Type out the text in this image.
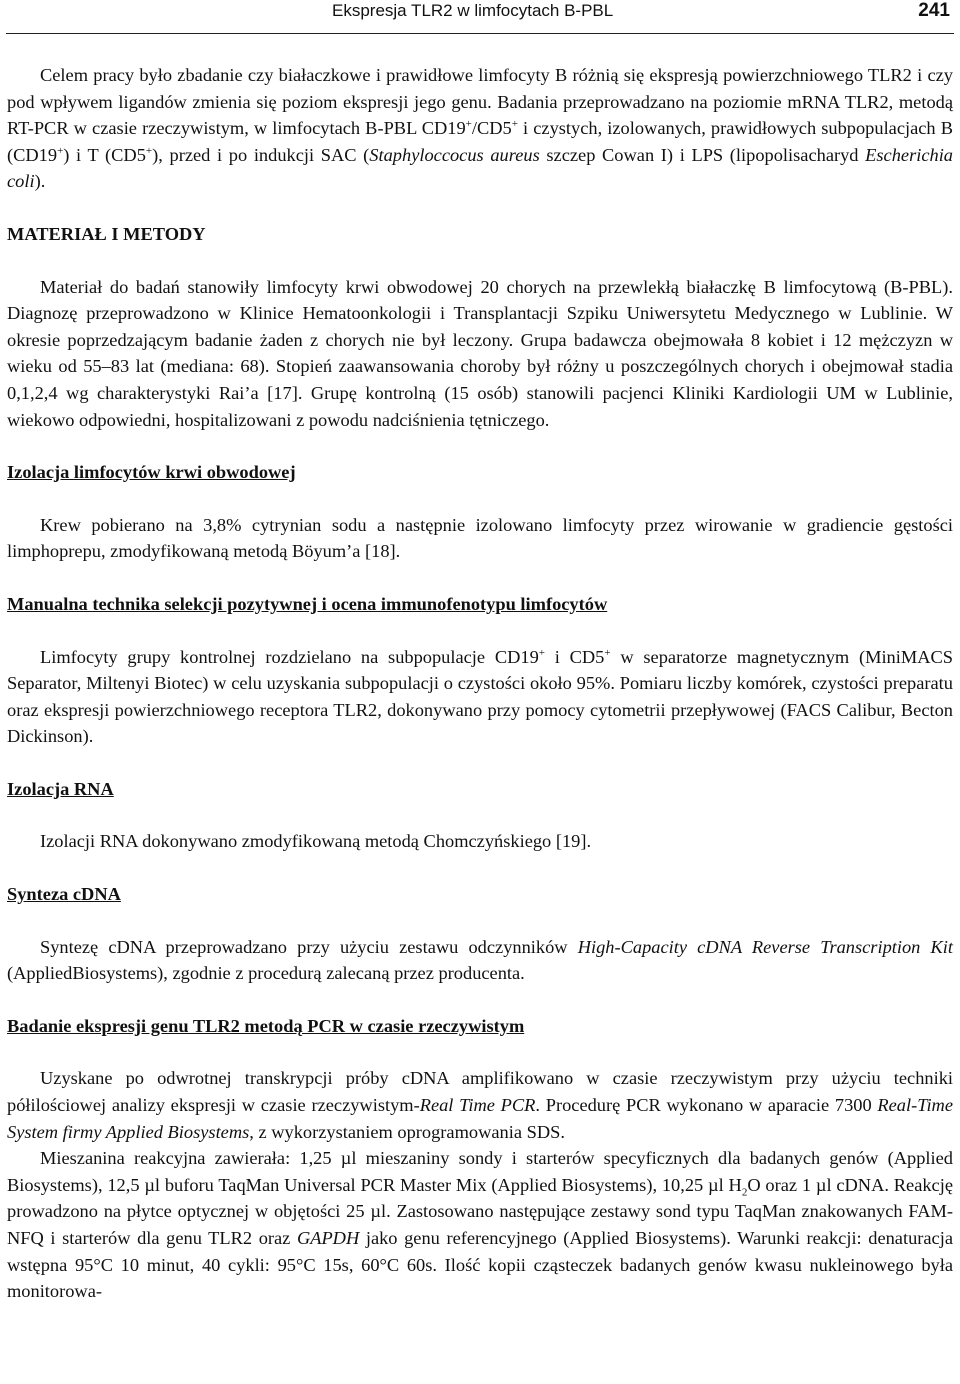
Ekspresja TLR2 w limfocytach B-PBL	241

Celem pracy było zbadanie czy białaczkowe i prawidłowe limfocyty B różnią się ekspresją powierzchniowego TLR2 i czy pod wpływem ligandów zmienia się poziom ekspresji jego genu. Badania przeprowadzano na poziomie mRNA TLR2, metodą RT-PCR w czasie rzeczywistym, w limfocytach B-PBL CD19+/CD5+ i czystych, izolowanych, prawidłowych subpopulacjach B (CD19+) i T (CD5+), przed i po indukcji SAC (Staphyloccocus aureus szczep Cowan I) i LPS (lipopolisacharyd Escherichia coli).

MATERIAŁ I METODY

Materiał do badań stanowiły limfocyty krwi obwodowej 20 chorych na przewlekłą białaczkę B limfocytową (B-PBL). Diagnozę przeprowadzono w Klinice Hematoonkologii i Transplantacji Szpiku Uniwersytetu Medycznego w Lublinie. W okresie poprzedzającym badanie żaden z chorych nie był leczony. Grupa badawcza obejmowała 8 kobiet i 12 mężczyzn w wieku od 55–83 lat (mediana: 68). Stopień zaawansowania choroby był różny u poszczególnych chorych i obejmował stadia 0,1,2,4 wg charakterystyki Rai’a [17]. Grupę kontrolną (15 osób) stanowili pacjenci Kliniki Kardiologii UM w Lublinie, wiekowo odpowiedni, hospitalizowani z powodu nadciśnienia tętniczego.

Izolacja limfocytów krwi obwodowej

Krew pobierano na 3,8% cytrynian sodu a następnie izolowano limfocyty przez wirowanie w gradiencie gęstości limphoprepu, zmodyfikowaną metodą Böyum’a [18].

Manualna technika selekcji pozytywnej i ocena immunofenotypu limfocytów

Limfocyty grupy kontrolnej rozdzielano na subpopulacje CD19+ i CD5+ w separatorze magnetycznym (MiniMACS Separator, Miltenyi Biotec) w celu uzyskania subpopulacji o czystości około 95%. Pomiaru liczby komórek, czystości preparatu oraz ekspresji powierzchniowego receptora TLR2, dokonywano przy pomocy cytometrii przepływowej (FACS Calibur, Becton Dickinson).

Izolacja RNA

Izolacji RNA dokonywano zmodyfikowaną metodą Chomczyńskiego [19].

Synteza cDNA

Syntezę cDNA przeprowadzano przy użyciu zestawu odczynników High-Capacity cDNA Reverse Transcription Kit (AppliedBiosystems), zgodnie z procedurą zalecaną przez producenta.

Badanie ekspresji genu TLR2 metodą PCR w czasie rzeczywistym

Uzyskane po odwrotnej transkrypcji próby cDNA amplifikowano w czasie rzeczywistym przy użyciu techniki półilościowej analizy ekspresji w czasie rzeczywistym-Real Time PCR. Procedurę PCR wykonano w aparacie 7300 Real-Time System firmy Applied Biosystems, z wykorzystaniem oprogramowania SDS.

Mieszanina reakcyjna zawierała: 1,25 µl mieszaniny sondy i starterów specyficznych dla badanych genów (Applied Biosystems), 12,5 µl buforu TaqMan Universal PCR Master Mix (Applied Biosystems), 10,25 µl $H_2O$ oraz 1 µl cDNA. Reakcję prowadzono na płytce optycznej w objętości 25 µl. Zastosowano następujące zestawy sond typu TaqMan znakowanych FAM-NFQ i starterów dla genu TLR2 oraz GAPDH jako genu referencyjnego (Applied Biosystems). Warunki reakcji: denaturacja wstępna 95°C 10 minut, 40 cykli: 95°C 15s, 60°C 60s. Ilość kopii cząsteczek badanych genów kwasu nukleinowego była monitorowa-
